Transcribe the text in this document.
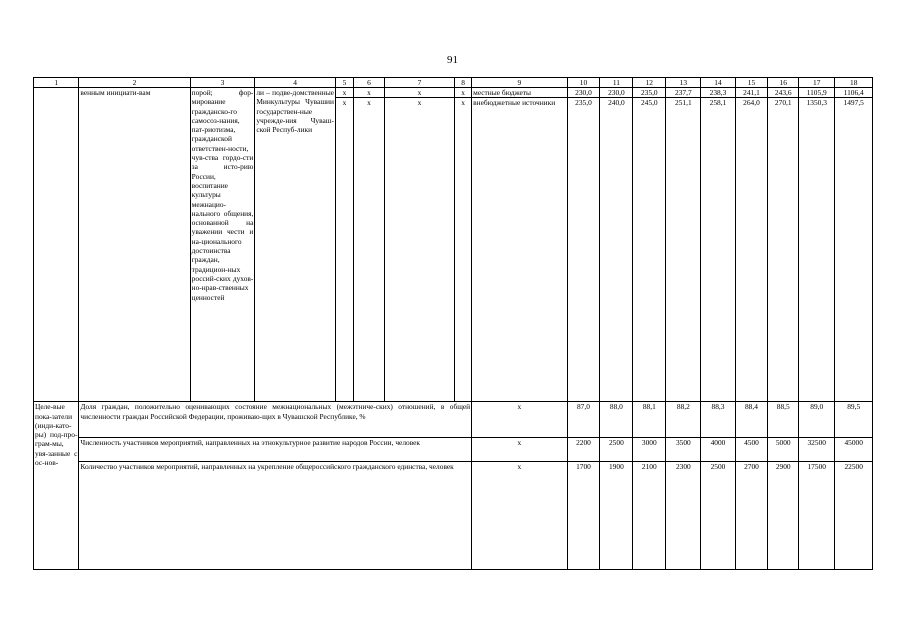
91
1	2	3	4	5	6	7	8	9	10	11	12	13	14	15	16	17	18
	венным инициати-вам	порой; фор-мирование гражданско-го самосоз-нания, пат-риотизма, гражданской ответствен-ности, чув-ства гордо-сти за исто-рию России, воспитание культуры межнацио-нального общения, основанной на уважении чести и на-ционального достоинства граждан, традицион-ных россий-ских духов-но-нрав-ственных ценностей	ли – подве-домственные Минкультуры Чувашии государствен-ные учрежде-ния Чуваш-ской Респуб-лики	x	x	x	x	местные бюджеты	230,0	230,0	235,0	237,7	238,3	241,1	243,6	1105,9	1106,4
				x	x	x	x	внебюджетные источники	235,0	240,0	245,0	251,1	258,1	264,0	270,1	1350,3	1497,5
Целе-вые пока-затели (инди-като-ры) под-про-грам-мы, увя-занные с ос-нов-	Доля граждан, положительно оценивающих состояние межнациональных (межэтниче-ских) отношений, в общей численности граждан Российской Федерации, проживаю-щих в Чувашской Республике, %							x	87,0	88,0	88,1	88,2	88,3	88,4	88,5	89,0	89,5
	Численность участников мероприятий, направленных на этнокультурное развитие народов России, человек							x	2200	2500	3000	3500	4000	4500	5000	32500	45000
	Количество участников мероприятий, направленных на укрепление общероссийского гражданского единства, человек							x	1700	1900	2100	2300	2500	2700	2900	17500	22500
